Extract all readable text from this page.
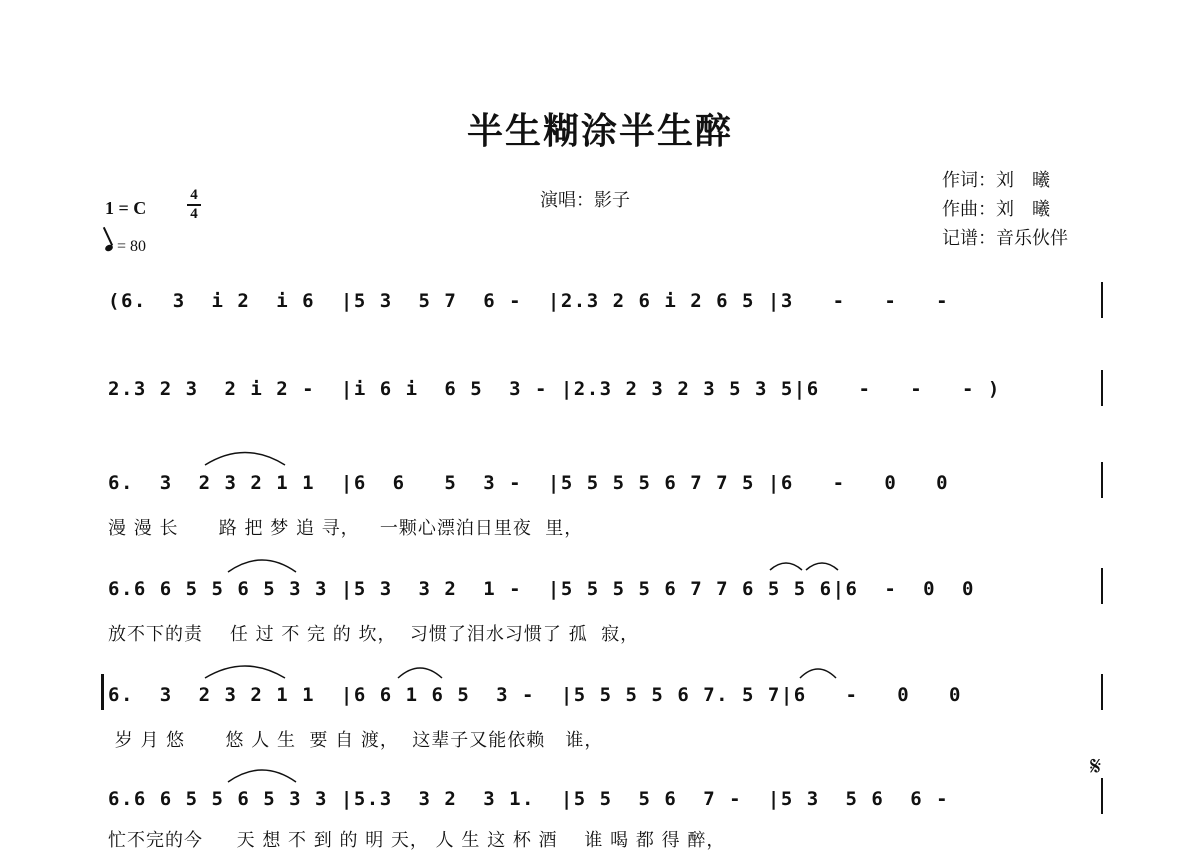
半生糊涂半生醉
演唱：影子
作词：刘　曦
作曲：刘　曦
记谱：音乐伙伴
1 = C
4
4
= 80
(6.  3  i 2  i 6  |5 3  5 7  6 -  |2.3 2 6 i 2 6 5 |3   -   -   -
2.3 2 3  2 i 2 -  |i 6 i  6 5  3 - |2.3 2 3 2 3 5 3 5|6   -   -   - )
6.  3  2 3 2 1 1  |6  6   5  3 -  |5 5 5 5 6 7 7 5 |6   -   0   0
漫 漫 长      路 把 梦 追 寻，   一颗心漂泊日里夜  里，
6.6 6 5 5 6 5 3 3 |5 3  3 2  1 -  |5 5 5 5 6 7 7 6 5 5 6|6  -  0  0
放不下的责    任 过 不 完 的 坎，  习惯了泪水习惯了 孤  寂，
6.  3  2 3 2 1 1  |6 6 1 6 5  3 -  |5 5 5 5 6 7. 5 7|6   -   0   0
岁 月 悠      悠 人 生  要 自 渡，  这辈子又能依赖   谁，
6.6 6 5 5 6 5 3 3 |5.3  3 2  3 1.  |5 5  5 6  7 -  |5 3  5 6  6 -
忙不完的今     天 想 不 到 的 明 天， 人 生 这 杯 酒    谁 喝 都 得 醉，
𝄋
